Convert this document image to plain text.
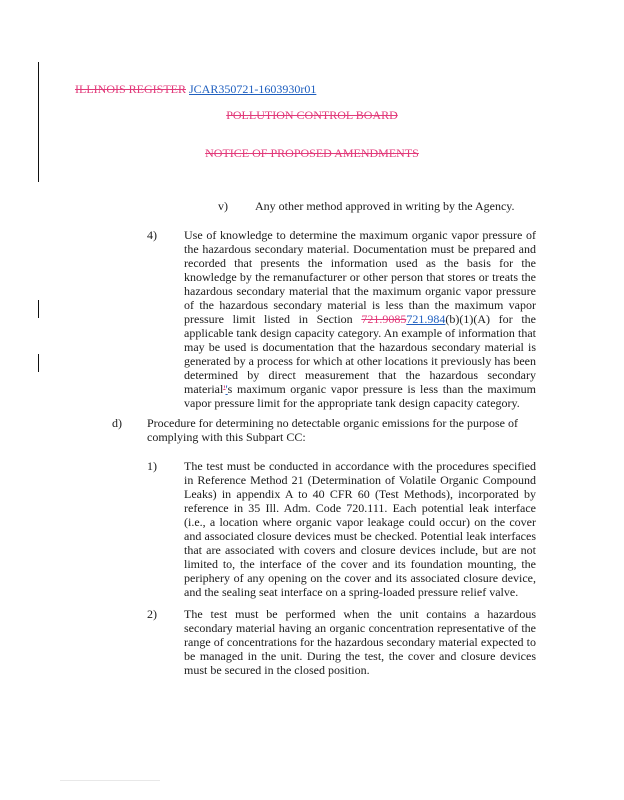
ILLINOIS REGISTER JCAR350721-1603930r01
POLLUTION CONTROL BOARD
NOTICE OF PROPOSED AMENDMENTS
v) Any other method approved in writing by the Agency.
4) Use of knowledge to determine the maximum organic vapor pressure of the hazardous secondary material. Documentation must be prepared and recorded that presents the information used as the basis for the knowledge by the remanufacturer or other person that stores or treats the hazardous secondary material that the maximum organic vapor pressure of the hazardous secondary material is less than the maximum vapor pressure limit listed in Section 721.9085721.984(b)(1)(A) for the applicable tank design capacity category. An example of information that may be used is documentation that the hazardous secondary material is generated by a process for which at other locations it previously has been determined by direct measurement that the hazardous secondary material''s maximum organic vapor pressure is less than the maximum vapor pressure limit for the appropriate tank design capacity category.
d) Procedure for determining no detectable organic emissions for the purpose of complying with this Subpart CC:
1) The test must be conducted in accordance with the procedures specified in Reference Method 21 (Determination of Volatile Organic Compound Leaks) in appendix A to 40 CFR 60 (Test Methods), incorporated by reference in 35 Ill. Adm. Code 720.111. Each potential leak interface (i.e., a location where organic vapor leakage could occur) on the cover and associated closure devices must be checked. Potential leak interfaces that are associated with covers and closure devices include, but are not limited to, the interface of the cover and its foundation mounting, the periphery of any opening on the cover and its associated closure device, and the sealing seat interface on a spring-loaded pressure relief valve.
2) The test must be performed when the unit contains a hazardous secondary material having an organic concentration representative of the range of concentrations for the hazardous secondary material expected to be managed in the unit. During the test, the cover and closure devices must be secured in the closed position.
